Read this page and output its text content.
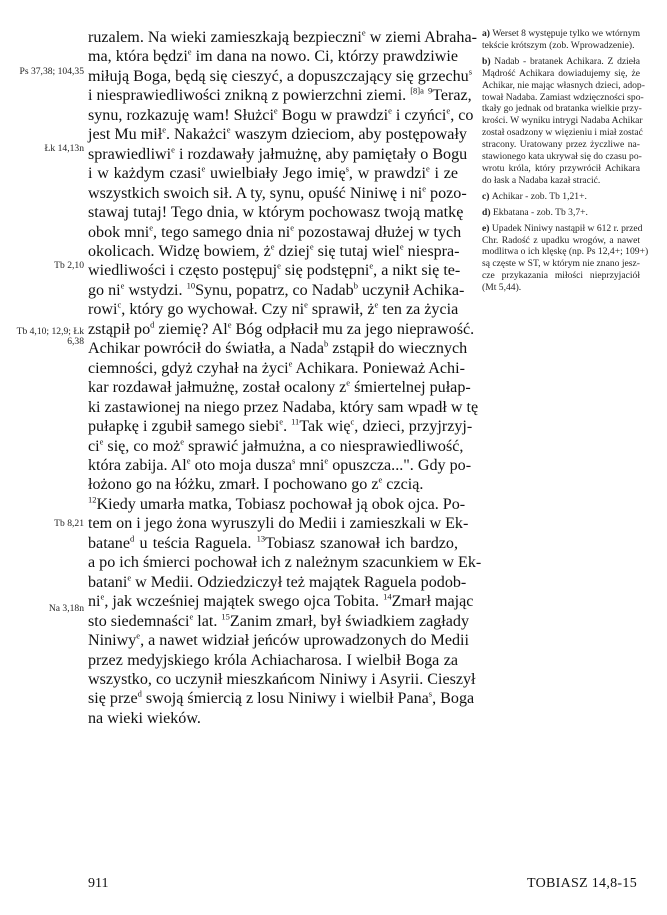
Ps 37,38; 104,35
Łk 14,13n
Tb 2,10
Tb 4,10; 12,9; Łk 6,38
Tb 8,21
Na 3,18n
ruzalem. Na wieki zamieszkają bezpieczni$^e$ w ziemi Abraha-
ma, która będzi$^e$ im dana na nowo. Ci, którzy prawdziwie
miłują Boga, będą się cieszyć, a dopuszczający się grzechu$^s$
i niesprawiedliwości znikną z powierzchni ziemi. $^{[8]a}$ $^9$Teraz,
synu, rozkazuję wam! Służci$^e$ Bogu w prawdzi$^e$ i czyńci$^e$, co
jest Mu mił$^e$. Nakażci$^e$ waszym dzieciom, aby postępowały
sprawiedliwi$^e$ i rozdawały jałmużnę, aby pamiętały o Bogu
i w każdym czasi$^e$ uwielbiały Jego imię$^s$, w prawdzi$^e$ i ze
wszystkich swoich sił. A ty, synu, opuść Niniwę i $ni^e$ pozo-
stawaj tutaj! Tego dnia, w którym pochowasz twoją matkę
obok mni$^e$, tego samego dnia $ni^e$ pozostawaj dłużej w tych
okolicach. Widzę bowiem, $ż^e$ dziej$^e$ się tutaj wiel$^e$ niespra-
wiedliwości i często postępuj$^e$ się podstępni$^e$, a nikt się te-
go $ni^e$ wstydzi. $^{10}$Synu, popatrz, co Nadab$^b$ uczynił Achika-
rowi$^c$, który go wychował. Czy $ni^e$ sprawił, $ż^e$ ten za życia
zstąpił $po^d$ ziemię? Al$^e$ Bóg odpłacił mu za jego nieprawość.
Achikar powrócił do światła, a Nada$^b$ zstąpił do wiecznych
ciemności, gdyż czyhał na życi$^e$ Achikara. Ponieważ Achi-
kar rozdawał jałmużnę, został ocalony $z^e$ śmiertelnej pułap-
ki zastawionej na niego przez Nadaba, który sam wpadł w tę
pułapkę i zgubił samego siebi$^e$. $^{11}$Tak wię$^c$, dzieci, przyjrzyj-
$ci^e$ się, co moż$^e$ sprawić jałmużna, a co niesprawiedliwość,
która zabija. Al$^e$ oto moja dusza$^s$ mni$^e$ opuszcza...". Gdy po-
łożono go na łóżku, zmarł. I pochowano go $z^e$ czcią.
$^{12}$Kiedy umarła matka, Tobiasz pochował ją obok ojca. Po-
tem on i jego żona wyruszyli do Medii i zamieszkali w Ek-
batane$^d$ u teścia Raguela. $^{13}$Tobiasz szanował ich bardzo,
a po ich śmierci pochował ich z należnym szacunkiem w Ek-
batani$^e$ w Medii. Odziedziczył też majątek Raguela podob-
$ni^e$, jak wcześniej majątek swego ojca Tobita. $^{14}$Zmarł mając
sto siedemnaści$^e$ lat. $^{15}$Zanim zmarł, był świadkiem zagłady
Niniwy$^e$, a nawet widział jeńców uprowadzonych do Medii
przez medyjskiego króla Achiacharosa. I wielbił Boga za
wszystko, co uczynił mieszkańcom Niniwy i Asyrii. Cieszył
się prze$^d$ swoją śmiercią z losu Niniwy i wielbił Pana$^s$, Boga
na wieki wieków.
a) Werset 8 występuje tylko we wtórnym
tekście krótszym (zob. Wprowadzenie).
b) Nadab - bratanek Achikara. Z dzieła
Mądrość Achikara dowiadujemy się, że
Achikar, nie mając własnych dzieci, adop-
tował Nadaba. Zamiast wdzięczności spo-
tkały go jednak od bratanka wielkie przy-
krości. W wyniku intrygi Nadaba Achikar
został osadzony w więzieniu i miał zostać
stracony. Uratowany przez życzliwe na-
stawionego kata ukrywał się do czasu po-
wrotu króla, który przywrócił Achikara
do łask a Nadaba kazał stracić.
c) Achikar - zob. Tb 1,21+.
d) Ekbatana - zob. Tb 3,7+.
e) Upadek Niniwy nastąpił w 612 r. przed
Chr. Radość z upadku wrogów, a nawet
modlitwa o ich klęskę (np. Ps 12,4+; 109+)
są częste w ST, w którym nie znano jesz-
cze przykazania miłości nieprzyjaciół
(Mt 5,44).
911	TOBIASZ 14,8-15
